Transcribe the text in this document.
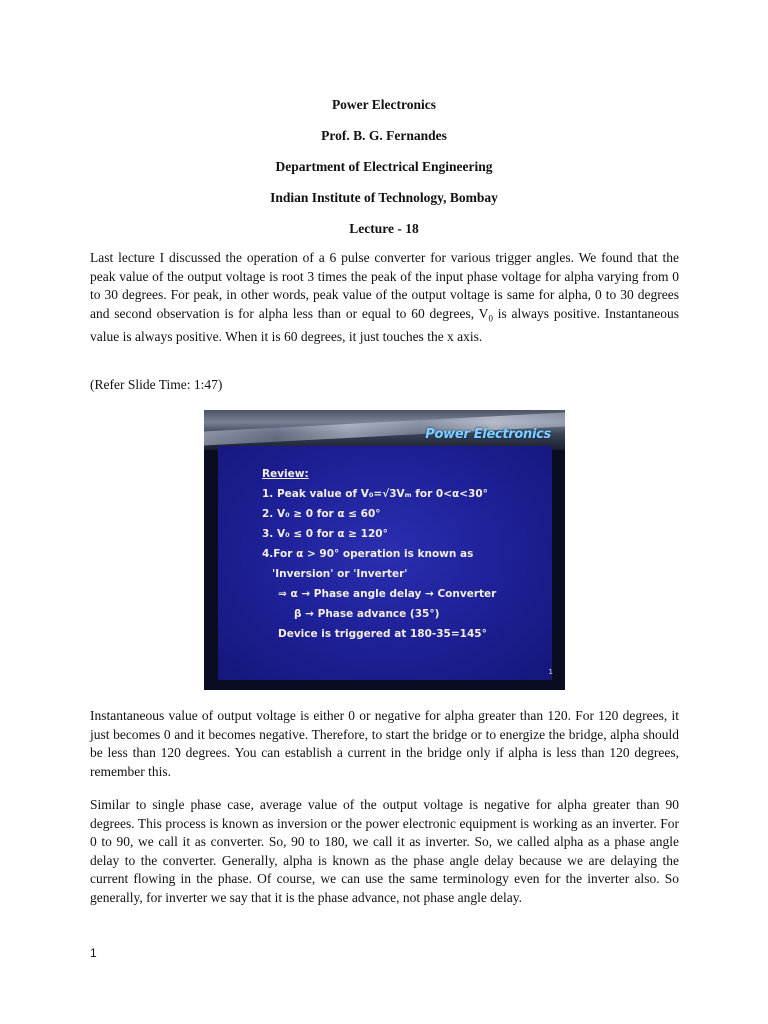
Power Electronics
Prof. B. G. Fernandes
Department of Electrical Engineering
Indian Institute of Technology, Bombay
Lecture - 18

Last lecture I discussed the operation of a 6 pulse converter for various trigger angles. We found that the peak value of the output voltage is root 3 times the peak of the input phase voltage for alpha varying from 0 to 30 degrees. For peak, in other words, peak value of the output voltage is same for alpha, 0 to 30 degrees and second observation is for alpha less than or equal to 60 degrees, $V_0$ is always positive. Instantaneous value is always positive. When it is 60 degrees, it just touches the x axis.

(Refer Slide Time: 1:47)

Power Electronics

Review:

1. Peak value of V₀=√3Vₘ for 0<α<30°

2. V₀ ≥ 0 for α ≤ 60°

3. V₀ ≤ 0 for α ≥ 120°

4.For α > 90° operation is known as

'Inversion' or 'Inverter'

⇒ α → Phase angle delay → Converter

β → Phase advance (35°)

Device is triggered at 180-35=145°

1

Instantaneous value of output voltage is either 0 or negative for alpha greater than 120. For 120 degrees, it just becomes 0 and it becomes negative. Therefore, to start the bridge or to energize the bridge, alpha should be less than 120 degrees. You can establish a current in the bridge only if alpha is less than 120 degrees, remember this.

Similar to single phase case, average value of the output voltage is negative for alpha greater than 90 degrees. This process is known as inversion or the power electronic equipment is working as an inverter. For 0 to 90, we call it as converter. So, 90 to 180, we call it as inverter. So, we called alpha as a phase angle delay to the converter. Generally, alpha is known as the phase angle delay because we are delaying the current flowing in the phase. Of course, we can use the same terminology even for the inverter also. So generally, for inverter we say that it is the phase advance, not phase angle delay.

1
